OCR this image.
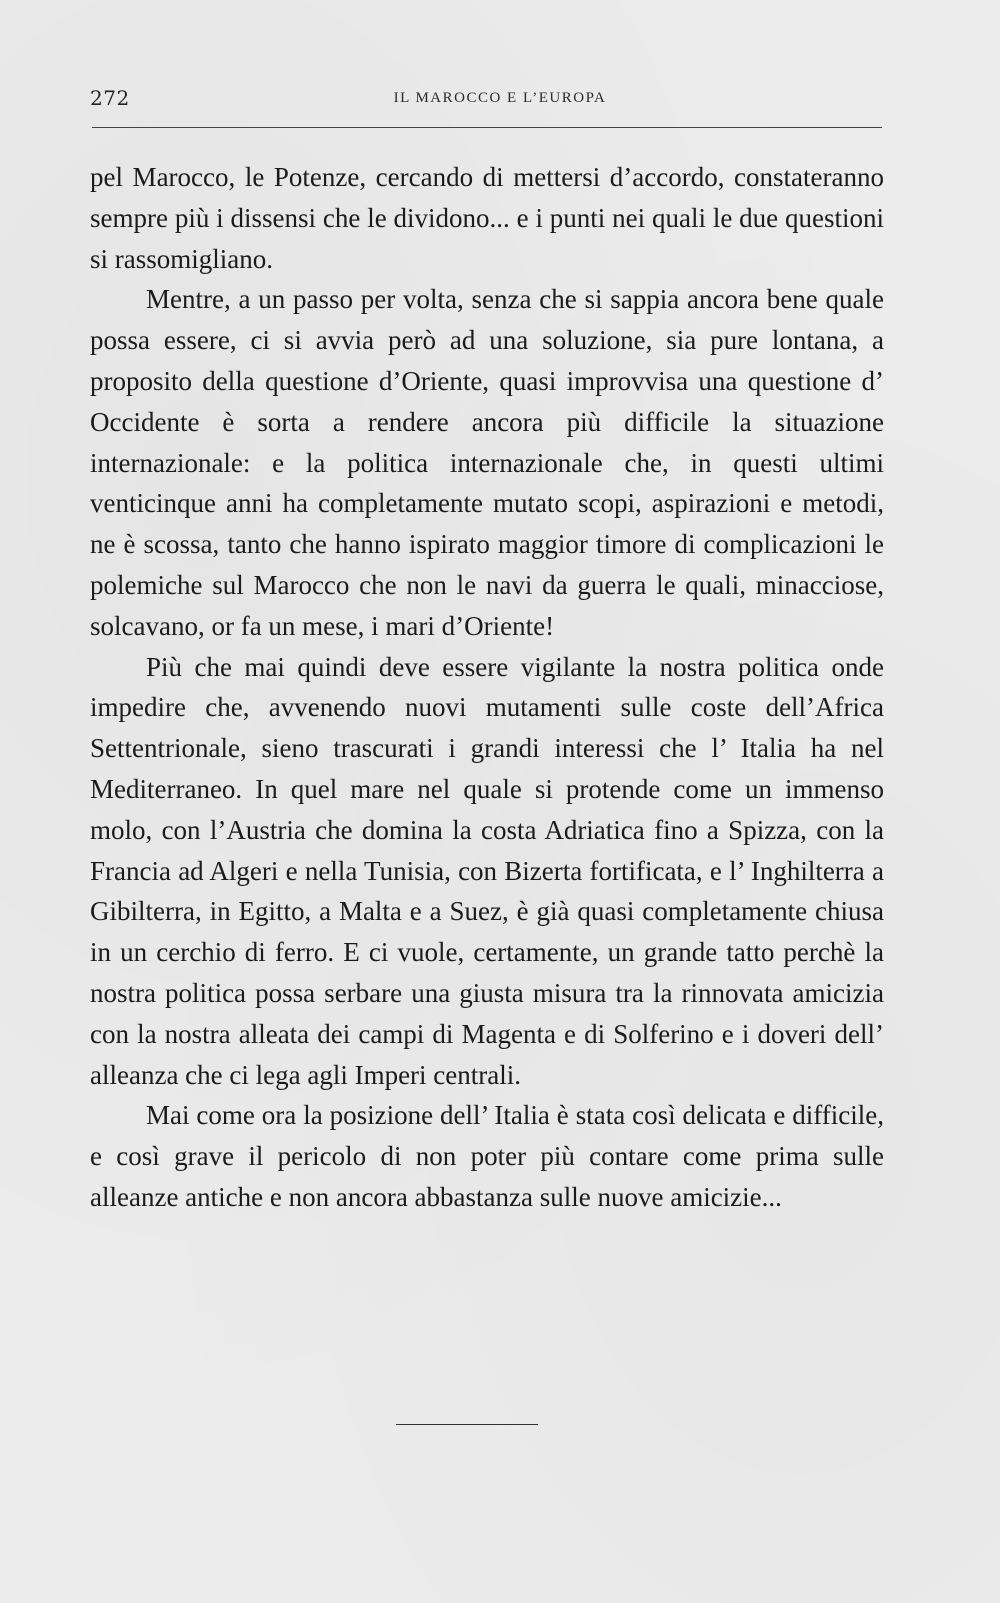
272	IL MAROCCO E L’EUROPA

pel Marocco, le Potenze, cercando di mettersi d’accordo, constateranno sempre più i dissensi che le dividono... e i punti nei quali le due questioni si rassomigliano.

Mentre, a un passo per volta, senza che si sappia ancora bene quale possa essere, ci si avvia però ad una soluzione, sia pure lontana, a proposito della questione d’Oriente, quasi improvvisa una questione d’ Occidente è sorta a rendere ancora più difficile la situazione internazionale: e la politica internazionale che, in questi ultimi venticinque anni ha completamente mutato scopi, aspirazioni e metodi, ne è scossa, tanto che hanno ispirato maggior timore di complicazioni le polemiche sul Marocco che non le navi da guerra le quali, minacciose, solcavano, or fa un mese, i mari d’Oriente!

Più che mai quindi deve essere vigilante la nostra politica onde impedire che, avvenendo nuovi mutamenti sulle coste dell’Africa Settentrionale, sieno trascurati i grandi interessi che l’ Italia ha nel Mediterraneo. In quel mare nel quale si protende come un immenso molo, con l’Austria che domina la costa Adriatica fino a Spizza, con la Francia ad Algeri e nella Tunisia, con Bizerta fortificata, e l’ Inghilterra a Gibilterra, in Egitto, a Malta e a Suez, è già quasi completamente chiusa in un cerchio di ferro. E ci vuole, certamente, un grande tatto perchè la nostra politica possa serbare una giusta misura tra la rinnovata amicizia con la nostra alleata dei campi di Magenta e di Solferino e i doveri dell’ alleanza che ci lega agli Imperi centrali.

Mai come ora la posizione dell’ Italia è stata così delicata e difficile, e così grave il pericolo di non poter più contare come prima sulle alleanze antiche e non ancora abbastanza sulle nuove amicizie...
